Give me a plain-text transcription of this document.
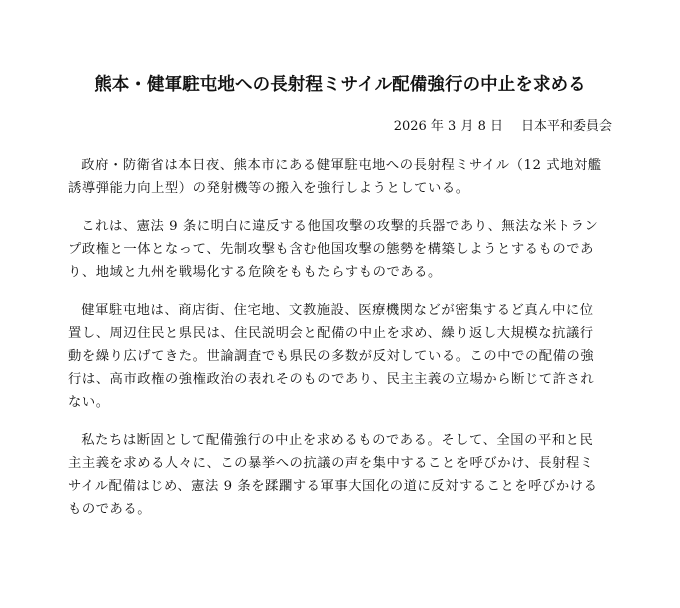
熊本・健軍駐屯地への長射程ミサイル配備強行の中止を求める
2026 年 3 月 8 日 日本平和委員会

政府・防衛省は本日夜、熊本市にある健軍駐屯地への長射程ミサイル（12 式地対艦
誘導弾能力向上型）の発射機等の搬入を強行しようとしている。

これは、憲法 9 条に明白に違反する他国攻撃の攻撃的兵器であり、無法な米トラン
プ政権と一体となって、先制攻撃も含む他国攻撃の態勢を構築しようとするものであ
り、地域と九州を戦場化する危険をももたらすものである。

健軍駐屯地は、商店街、住宅地、文教施設、医療機関などが密集するど真ん中に位
置し、周辺住民と県民は、住民説明会と配備の中止を求め、繰り返し大規模な抗議行
動を繰り広げてきた。世論調査でも県民の多数が反対している。この中での配備の強
行は、高市政権の強権政治の表れそのものであり、民主主義の立場から断じて許され
ない。

私たちは断固として配備強行の中止を求めるものである。そして、全国の平和と民
主主義を求める人々に、この暴挙への抗議の声を集中することを呼びかけ、長射程ミ
サイル配備はじめ、憲法 9 条を蹂躙する軍事大国化の道に反対することを呼びかける
ものである。
